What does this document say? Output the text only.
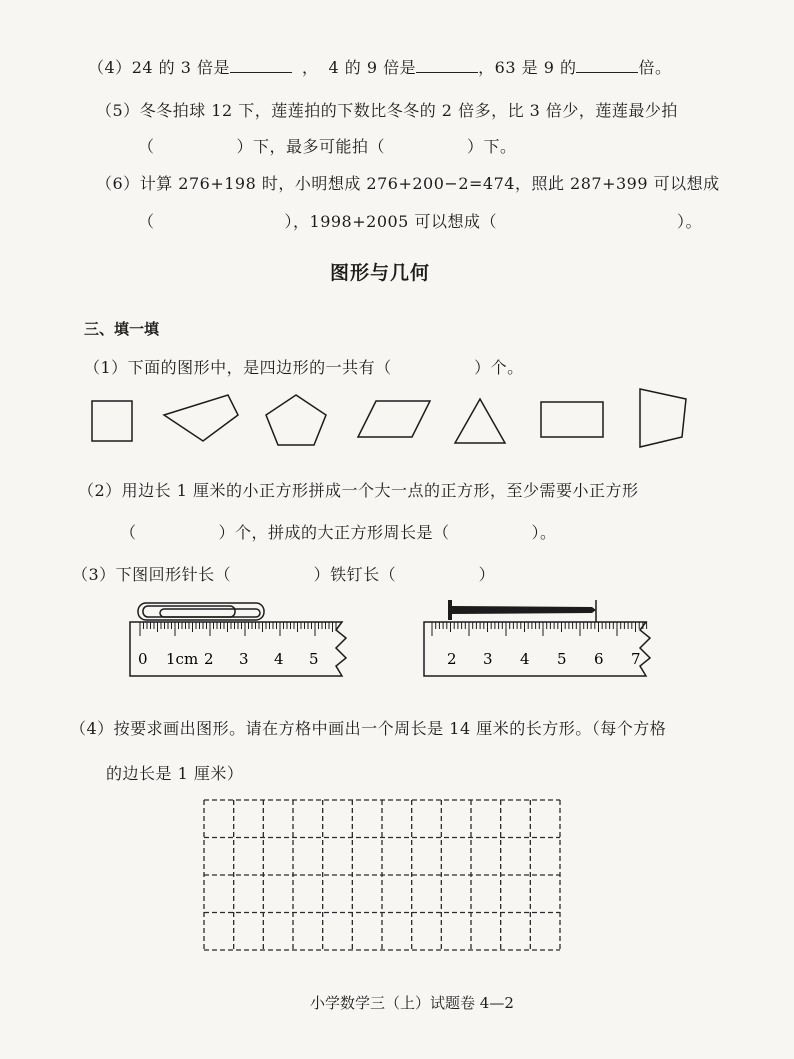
（4）24 的 3 倍是	， 4 的 9 倍是	，63 是 9 的	倍。
（5）冬冬拍球 12 下，莲莲拍的下数比冬冬的 2 倍多，比 3 倍少，莲莲最少拍
（	）下，最多可能拍（	）下。
（6）计算 276+198 时，小明想成 276+200−2=474，照此 287+399 可以想成
（	），1998+2005 可以想成（	）。
图形与几何
三、填一填
（1）下面的图形中，是四边形的一共有（　　　　　）个。
（2）用边长 1 厘米的小正方形拼成一个大一点的正方形，至少需要小正方形
（	）个，拼成的大正方形周长是（	）。
（3）下图回形针长（　　　　　）铁钉长（　　　　　）
0 1cm 2 3 4 5	2 3 4 5 6 7
（4）按要求画出图形。请在方格中画出一个周长是 14 厘米的长方形。（每个方格
的边长是 1 厘米）
小学数学三（上）试题卷 4—2
